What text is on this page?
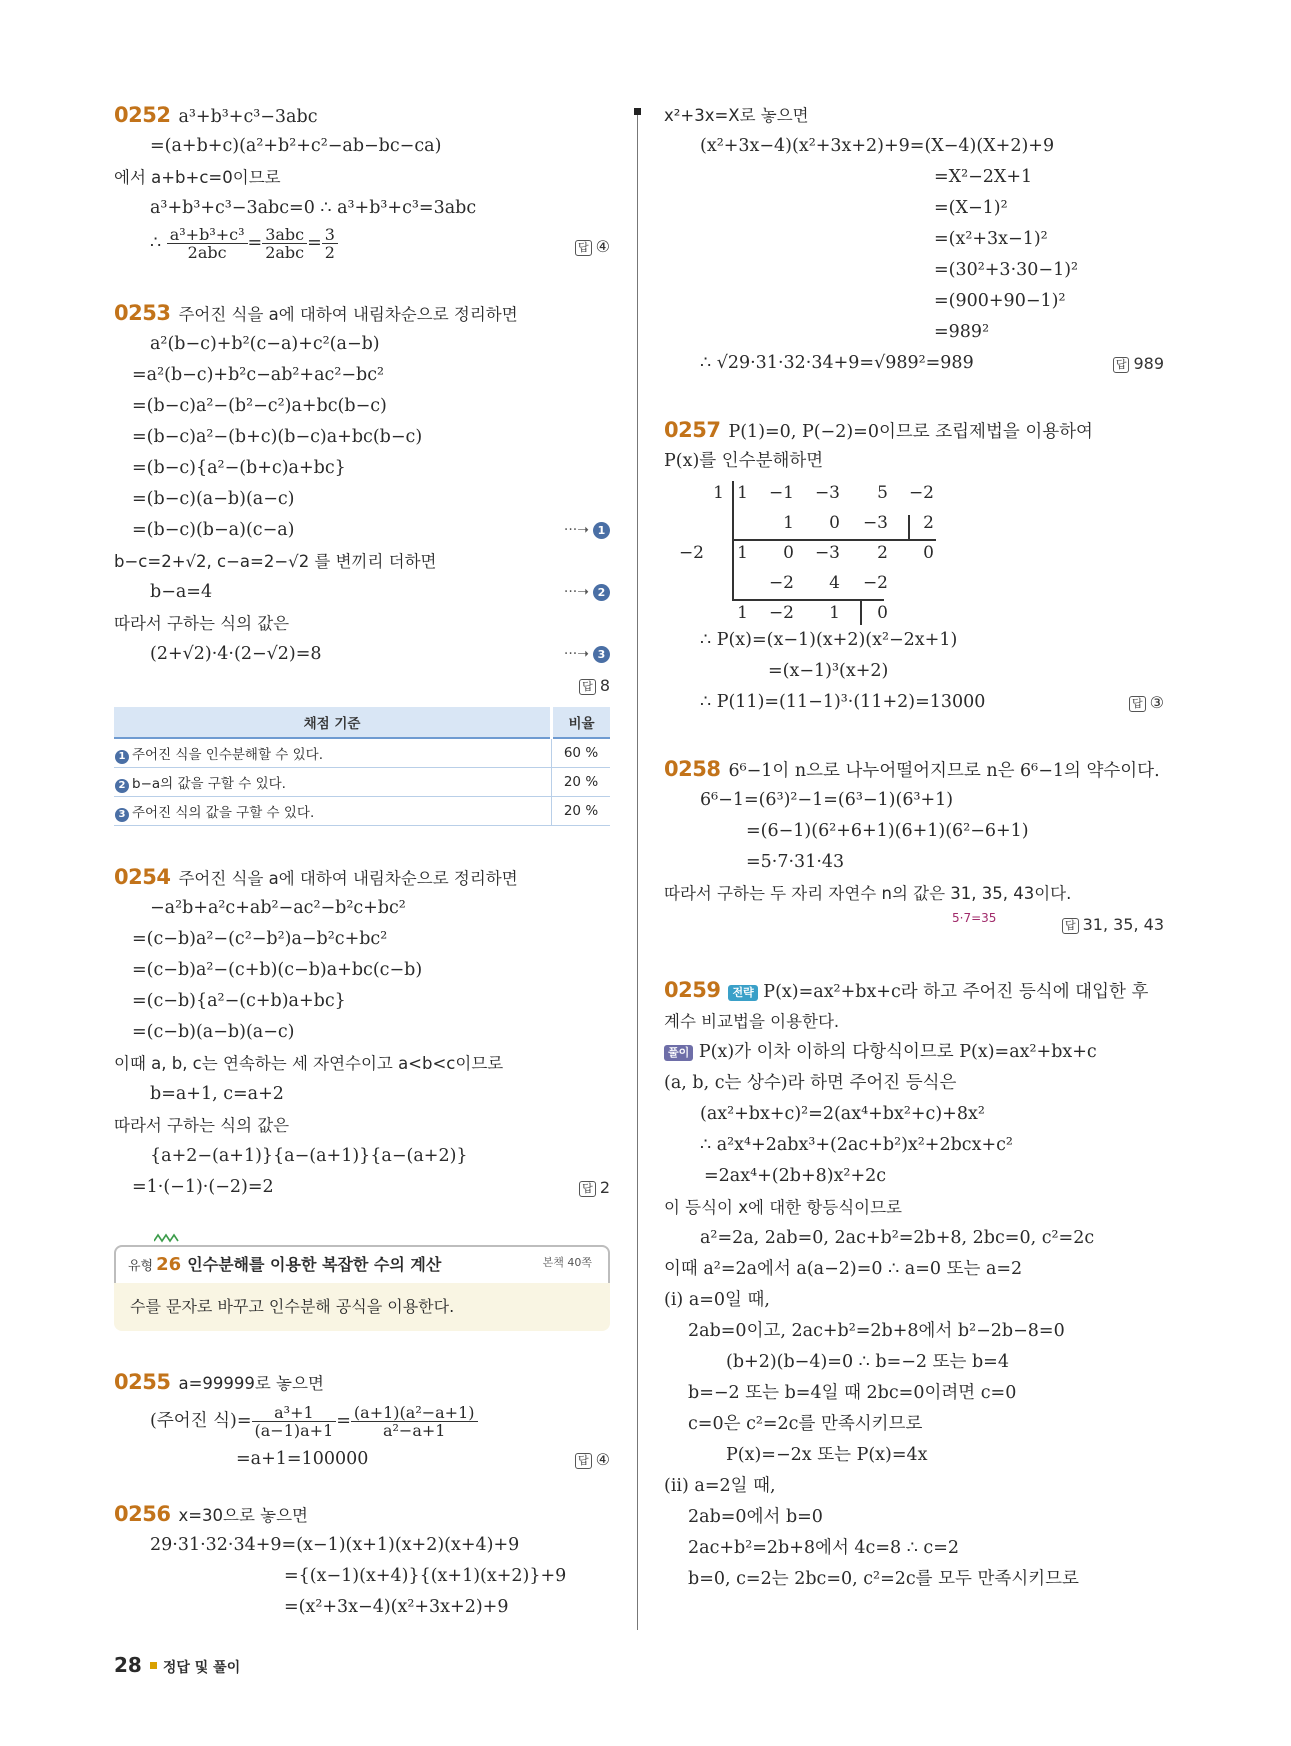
0252 a³+b³+c³−3abc
=(a+b+c)(a²+b²+c²−ab−bc−ca)
에서 a+b+c=0이므로
a³+b³+c³−3abc=0 ∴ a³+b³+c³=3abc
∴ $\frac{\text{a³+b³+c³}}{\text{2abc}} = \frac{\text{3abc}}{\text{2abc}} = \frac{3}{2}$	답 ④
0253 주어진 식을 a에 대하여 내림차순으로 정리하면
a²(b−c)+b²(c−a)+c²(a−b)
=a²(b−c)+b²c−ab²+ac²−bc²
=(b−c)a²−(b²−c²)a+bc(b−c)
=(b−c)a²−(b+c)(b−c)a+bc(b−c)
=(b−c){a²−(b+c)a+bc}
=(b−c)(a−b)(a−c)
=(b−c)(b−a)(c−a)	···➝ 1
b−c=2+√2, c−a=2−√2 를 변끼리 더하면
b−a=4	···➝ 2
따라서 구하는 식의 값은
(2+√2)·4·(2−√2)=8	···➝ 3
답 8
채점 기준	비율
1 주어진 식을 인수분해할 수 있다.	60 %
2 b−a의 값을 구할 수 있다.	20 %
3 주어진 식의 값을 구할 수 있다.	20 %
0254 주어진 식을 a에 대하여 내림차순으로 정리하면
−a²b+a²c+ab²−ac²−b²c+bc²
=(c−b)a²−(c²−b²)a−b²c+bc²
=(c−b)a²−(c+b)(c−b)a+bc(c−b)
=(c−b){a²−(c+b)a+bc}
=(c−b)(a−b)(a−c)
이때 a, b, c는 연속하는 세 자연수이고 a<b<c이므로
b=a+1, c=a+2
따라서 구하는 식의 값은
{a+2−(a+1)}{a−(a+1)}{a−(a+2)}
=1·(−1)·(−2)=2	답 2
유형 26 인수분해를 이용한 복잡한 수의 계산	본책 40쪽
수를 문자로 바꾸고 인수분해 공식을 이용한다.
0255 a=99999로 놓으면
(주어진 식)= $\frac{\text{a³+1}}{(a-1)a+1} = \frac{\text{(a+1)(a²−a+1)}}{\text{a²−a+1}}$
=a+1=100000	답 ④
0256 x=30으로 놓으면
29·31·32·34+9=(x−1)(x+1)(x+2)(x+4)+9
={(x−1)(x+4)}{(x+1)(x+2)}+9
=(x²+3x−4)(x²+3x+2)+9
x²+3x=X로 놓으면
(x²+3x−4)(x²+3x+2)+9=(X−4)(X+2)+9
=X²−2X+1
=(X−1)²
=(x²+3x−1)²
=(30²+3·30−1)²
=(900+90−1)²
=989²
∴ √29·31·32·34+9=√989²=989	답 989
0257 P(1)=0, P(−2)=0이므로 조립제법을 이용하여
P(x)를 인수분해하면
1 1	−1	−3	5	−2
1	0	−3	2
−2	1	0	−3	2	0
−2	4	−2
1	−2	1	0
∴ P(x)=(x−1)(x+2)(x²−2x+1)
=(x−1)³(x+2)
∴ P(11)=(11−1)³·(11+2)=13000	답 ③
0258 6⁶−1이 n으로 나누어떨어지므로 n은 6⁶−1의 약수이다.
6⁶−1=(6³)²−1=(6³−1)(6³+1)
=(6−1)(6²+6+1)(6+1)(6²−6+1)
=5·7·31·43
따라서 구하는 두 자리 자연수 n의 값은 31, 35, 43이다.
5·7=35	답 31, 35, 43
0259 전략 P(x)=ax²+bx+c라 하고 주어진 등식에 대입한 후
계수 비교법을 이용한다.
풀이 P(x)가 이차 이하의 다항식이므로 P(x)=ax²+bx+c
(a, b, c는 상수)라 하면 주어진 등식은
(ax²+bx+c)²=2(ax⁴+bx²+c)+8x²
∴ a²x⁴+2abx³+(2ac+b²)x²+2bcx+c²
=2ax⁴+(2b+8)x²+2c
이 등식이 x에 대한 항등식이므로
a²=2a, 2ab=0, 2ac+b²=2b+8, 2bc=0, c²=2c
이때 a²=2a에서 a(a−2)=0 ∴ a=0 또는 a=2
(i) a=0일 때,
2ab=0이고, 2ac+b²=2b+8에서 b²−2b−8=0
(b+2)(b−4)=0 ∴ b=−2 또는 b=4
b=−2 또는 b=4일 때 2bc=0이려면 c=0
c=0은 c²=2c를 만족시키므로
P(x)=−2x 또는 P(x)=4x
(ii) a=2일 때,
2ab=0에서 b=0
2ac+b²=2b+8에서 4c=8 ∴ c=2
b=0, c=2는 2bc=0, c²=2c를 모두 만족시키므로
28 정답 및 풀이
